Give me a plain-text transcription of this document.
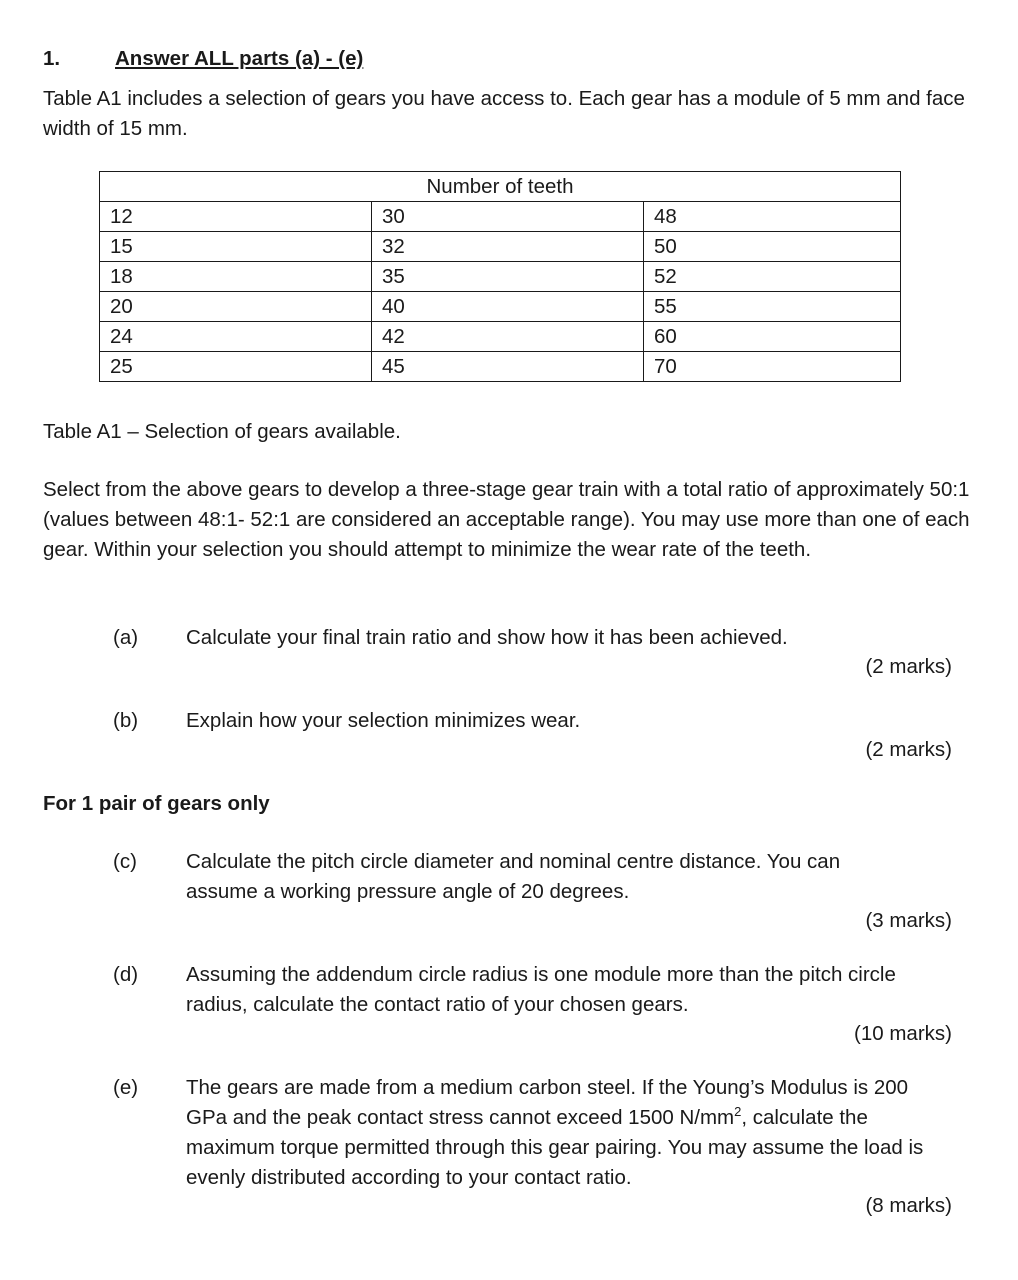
1.	Answer ALL parts (a) - (e)
Table A1 includes a selection of gears you have access to. Each gear has a module of 5 mm and face width of 15 mm.
Number of teeth		
12	30	48
15	32	50
18	35	52
20	40	55
24	42	60
25	45	70
Table A1 – Selection of gears available.
Select from the above gears to develop a three-stage gear train with a total ratio of approximately 50:1 (values between 48:1- 52:1 are considered an acceptable range). You may use more than one of each gear. Within your selection you should attempt to minimize the wear rate of the teeth.
(a) Calculate your final train ratio and show how it has been achieved.
(2 marks)
(b) Explain how your selection minimizes wear.
(2 marks)
For 1 pair of gears only
(c) Calculate the pitch circle diameter and nominal centre distance. You can assume a working pressure angle of 20 degrees.
(3 marks)
(d) Assuming the addendum circle radius is one module more than the pitch circle radius, calculate the contact ratio of your chosen gears.
(10 marks)
(e) The gears are made from a medium carbon steel. If the Young’s Modulus is 200 GPa and the peak contact stress cannot exceed 1500 $N/mm^2$, calculate the maximum torque permitted through this gear pairing. You may assume the load is evenly distributed according to your contact ratio.
(8 marks)
